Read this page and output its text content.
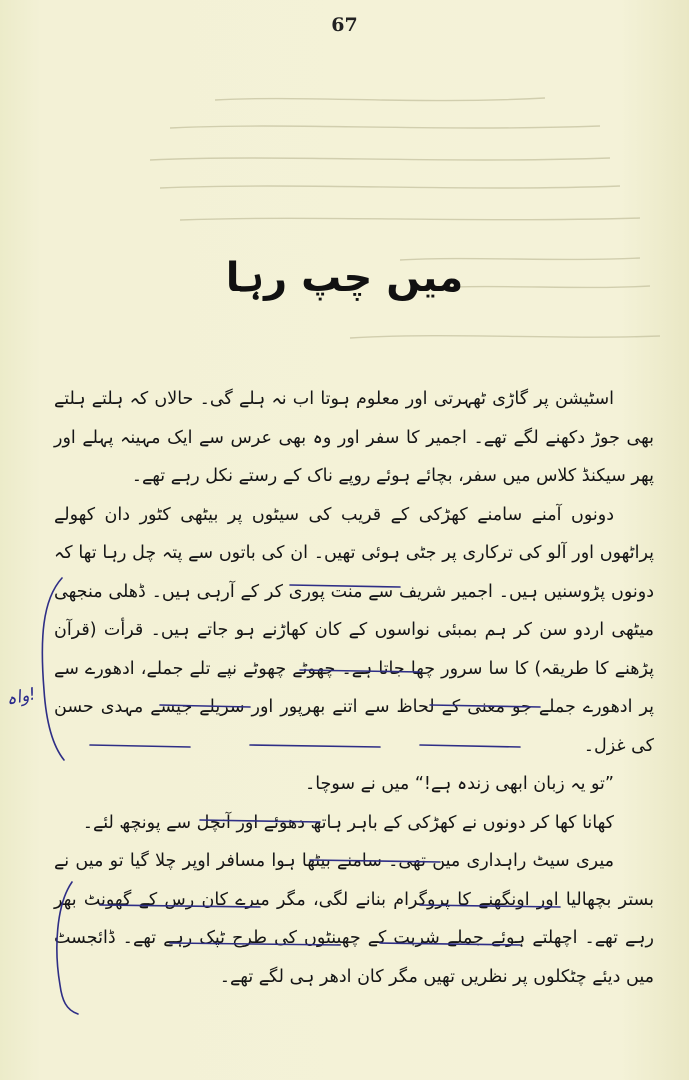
67
میں چپ رہا

اسٹیشن پر گاڑی ٹھہرتی اور معلوم ہوتا اب نہ ہلے گی۔ حالاں کہ ہلتے ہلتے بھی جوڑ دکھنے لگے تھے۔ اجمیر کا سفر اور وہ بھی عرس سے ایک مہینہ پہلے اور پھر سیکنڈ کلاس میں سفر، بچائے ہوئے روپے ناک کے رستے نکل رہے تھے۔

دونوں آمنے سامنے کھڑکی کے قریب کی سیٹوں پر بیٹھی کٹور دان کھولے پراٹھوں اور آلو کی ترکاری پر جٹی ہوئی تھیں۔ ان کی باتوں سے پتہ چل رہا تھا کہ دونوں پڑوسنیں ہیں۔ اجمیر شریف سے منت پوری کر کے آرہی ہیں۔ ڈھلی منجھی میٹھی اردو سن کر ہم بمبئی نواسوں کے کان کھاڑنے ہو جاتے ہیں۔ قرأت (قرآن پڑھنے کا طریقہ) کا سا سرور چھا جاتا ہے۔ چھوٹے چھوٹے نپے تلے جملے، ادھورے سے پر ادھورے جملے جو معنی کے لحاظ سے اتنے بھرپور اور سریلے جیسے مہدی حسن کی غزل۔

”تو یہ زبان ابھی زندہ ہے!“ میں نے سوچا۔

کھانا کھا کر دونوں نے کھڑکی کے باہر ہاتھ دھوئے اور آنچل سے پونچھ لئے۔

میری سیٹ راہداری میں تھی۔ سامنے بیٹھا ہوا مسافر اوپر چلا گیا تو میں نے بستر بچھالیا اور اونگھنے کا پروگرام بنانے لگی، مگر میرے کان رس کے گھونٹ بھر رہے تھے۔ اچھلتے ہوئے جملے شربت کے چھینٹوں کی طرح ٹپک رہے تھے۔ ڈائجسٹ میں دیئے چٹکلوں پر نظریں تھیں مگر کان ادھر ہی لگے تھے۔

واہ!
